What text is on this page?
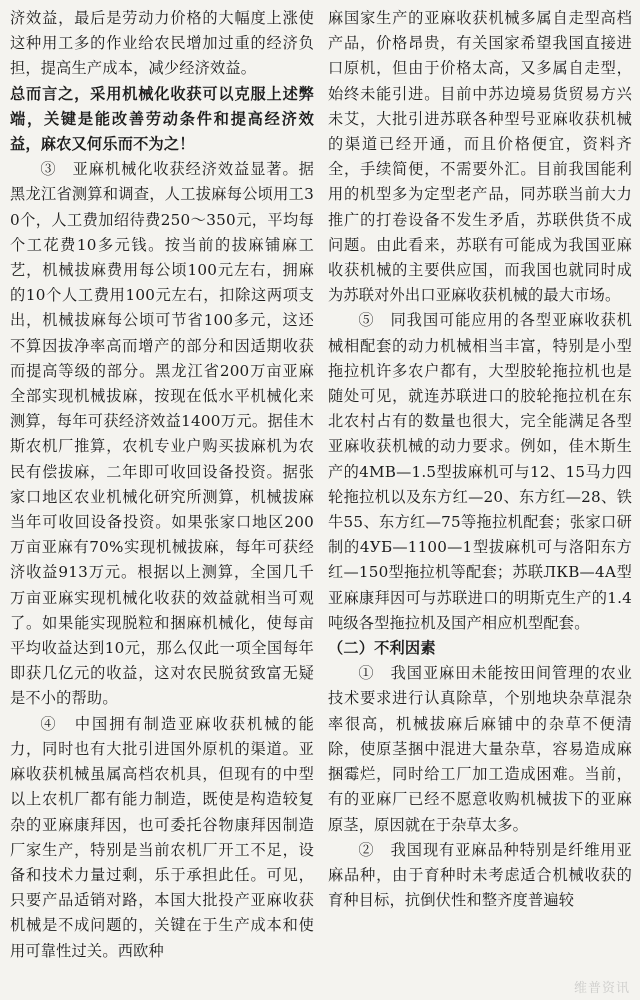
济效益，最后是劳动力价格的大幅度上涨使这种用工多的作业给农民增加过重的经济负担，提高生产成本，减少经济效益。

总而言之，采用机械化收获可以克服上述弊端，关键是能改善劳动条件和提高经济效益，麻农又何乐而不为之！

③　亚麻机械化收获经济效益显著。据黑龙江省测算和调查，人工拔麻每公顷用工30个，人工费加绍待费250～350元，平均每个工花费10多元钱。按当前的拔麻铺麻工艺，机械拔麻费用每公顷100元左右，拥麻的10个人工费用100元左右，扣除这两项支出，机械拔麻每公顷可节省100多元，这还不算因拔净率高而增产的部分和因适期收获而提高等级的部分。黑龙江省200万亩亚麻全部实现机械拔麻，按现在低水平机械化来测算，每年可获经济效益1400万元。据佳木斯农机厂推算，农机专业户购买拔麻机为农民有偿拔麻，二年即可收回设备投资。据张家口地区农业机械化研究所测算，机械拔麻当年可收回设备投资。如果张家口地区200万亩亚麻有70%实现机械拔麻，每年可获经济收益913万元。根据以上测算，全国几千万亩亚麻实现机械化收获的效益就相当可观了。如果能实现脱粒和捆麻机械化，使每亩平均收益达到10元，那么仅此一项全国每年即获几亿元的收益，这对农民脱贫致富无疑是不小的帮助。

④　中国拥有制造亚麻收获机械的能力，同时也有大批引进国外原机的渠道。亚麻收获机械虽属高档农机具，但现有的中型以上农机厂都有能力制造，既使是构造较复杂的亚麻康拜因，也可委托谷物康拜因制造厂家生产，特别是当前农机厂开工不足，设备和技术力量过剩，乐于承担此任。可见，只要产品适销对路，本国大批投产亚麻收获机械是不成问题的，关键在于生产成本和使用可靠性过关。西欧种

麻国家生产的亚麻收获机械多属自走型高档产品，价格昂贵，有关国家希望我国直接进口原机，但由于价格太高，又多属自走型，始终未能引进。目前中苏边境易货贸易方兴未艾，大批引进苏联各种型号亚麻收获机械的渠道已经开通，而且价格便宜，资料齐全，手续简便，不需要外汇。目前我国能利用的机型多为定型老产品，同苏联当前大力推广的打卷设备不发生矛盾，苏联供货不成问题。由此看来，苏联有可能成为我国亚麻收获机械的主要供应国，而我国也就同时成为苏联对外出口亚麻收获机械的最大市场。

⑤　同我国可能应用的各型亚麻收获机械相配套的动力机械相当丰富，特别是小型拖拉机许多农户都有，大型胶轮拖拉机也是随处可见，就连苏联进口的胶轮拖拉机在东北农村占有的数量也很大，完全能满足各型亚麻收获机械的动力要求。例如，佳木斯生产的4MB—1.5型拔麻机可与12、15马力四轮拖拉机以及东方红—20、东方红—28、铁牛55、东方红—75等拖拉机配套；张家口研制的4УБ—1100—1型拔麻机可与洛阳东方红—150型拖拉机等配套；苏联ЛКВ—4А型亚麻康拜因可与苏联进口的明斯克生产的1.4吨级各型拖拉机及国产相应机型配套。

（二）不利因素

①　我国亚麻田未能按田间管理的农业技术要求进行认真除草，个别地块杂草混杂率很高，机械拔麻后麻铺中的杂草不便清除，使原茎捆中混进大量杂草，容易造成麻捆霉烂，同时给工厂加工造成困难。当前，有的亚麻厂已经不愿意收购机械拔下的亚麻原茎，原因就在于杂草太多。

②　我国现有亚麻品种特别是纤维用亚麻品种，由于育种时未考虑适合机械收获的育种目标，抗倒伏性和整齐度普遍较

维普资讯
